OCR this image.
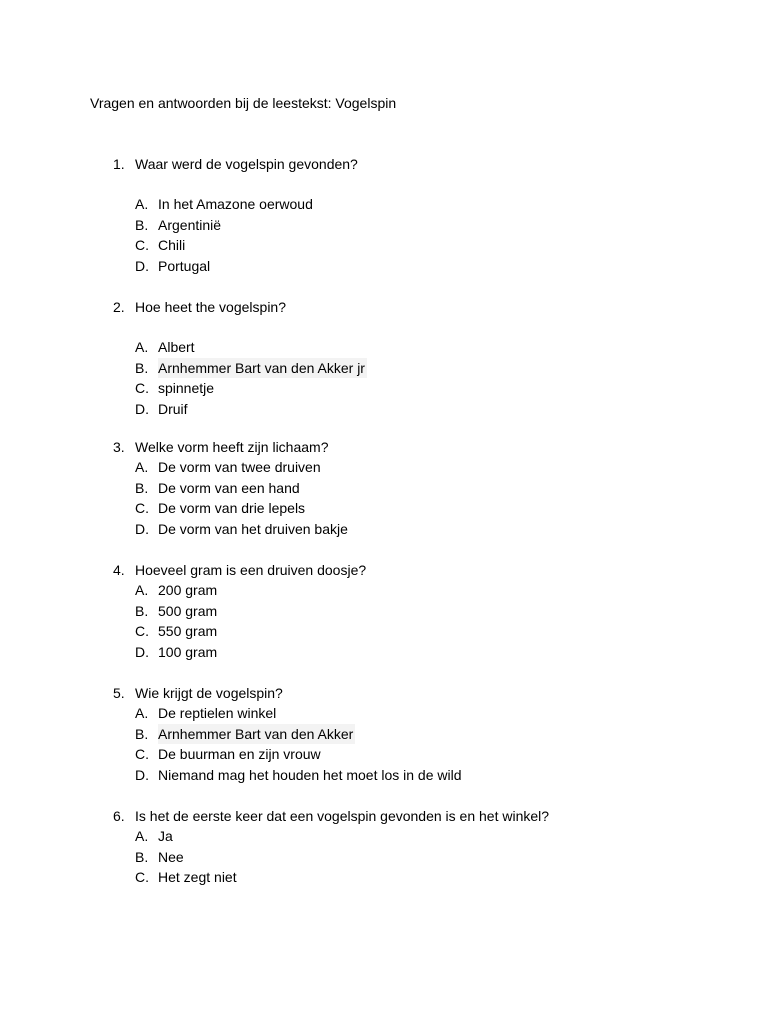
Vragen en antwoorden bij de leestekst: Vogelspin
1. Waar werd de vogelspin gevonden?
A. In het Amazone oerwoud
B. Argentinië
C. Chili
D. Portugal
2. Hoe heet the vogelspin?
A. Albert
B. Arnhemmer Bart van den Akker jr
C. spinnetje
D. Druif
3. Welke vorm heeft zijn lichaam?
A. De vorm van twee druiven
B. De vorm van een hand
C. De vorm van drie lepels
D. De vorm van het druiven bakje
4. Hoeveel gram is een druiven doosje?
A. 200 gram
B. 500 gram
C. 550 gram
D. 100 gram
5. Wie krijgt de vogelspin?
A. De reptielen winkel
B. Arnhemmer Bart van den Akker
C. De buurman en zijn vrouw
D. Niemand mag het houden het moet los in de wild
6. Is het de eerste keer dat een vogelspin gevonden is en het winkel?
A. Ja
B. Nee
C. Het zegt niet
